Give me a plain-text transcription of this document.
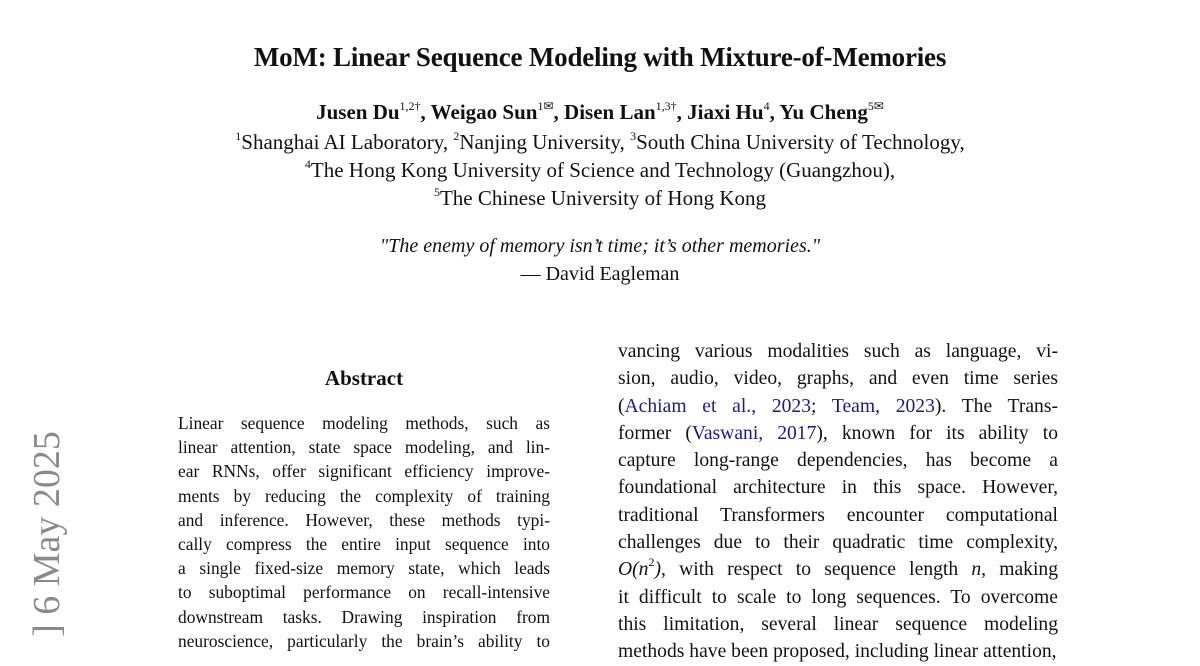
] 6 May 2025
MoM: Linear Sequence Modeling with Mixture-of-Memories
Jusen $Du^{1,2\dagger}$, Weigao Sun$^{1✉}$, Disen Lan$^{1,3\dagger}$, Jiaxi Hu$^4$, Yu Cheng$^{5✉}$
$^1$Shanghai AI Laboratory, $^2$Nanjing University, $^3$South China University of Technology,
$^4$The Hong Kong University of Science and Technology (Guangzhou),
$^5$The Chinese University of Hong Kong
"The enemy of memory isn’t time; it’s other memories."
— David Eagleman
Abstract
Linear sequence modeling methods, such as
linear attention, state space modeling, and lin-
ear RNNs, offer significant efficiency improve-
ments by reducing the complexity of training
and inference. However, these methods typi-
cally compress the entire input sequence into
a single fixed-size memory state, which leads
to suboptimal performance on recall-intensive
downstream tasks. Drawing inspiration from
neuroscience, particularly the brain’s ability to
vancing various modalities such as language, vi-
sion, audio, video, graphs, and even time series
(Achiam et al., 2023; Team, 2023). The Trans-
former (Vaswani, 2017), known for its ability to
capture long-range dependencies, has become a
foundational architecture in this space. However,
traditional Transformers encounter computational
challenges due to their quadratic time complexity,
$O(n^2)$, with respect to sequence length n, making
it difficult to scale to long sequences. To overcome
this limitation, several linear sequence modeling
methods have been proposed, including linear attention,
